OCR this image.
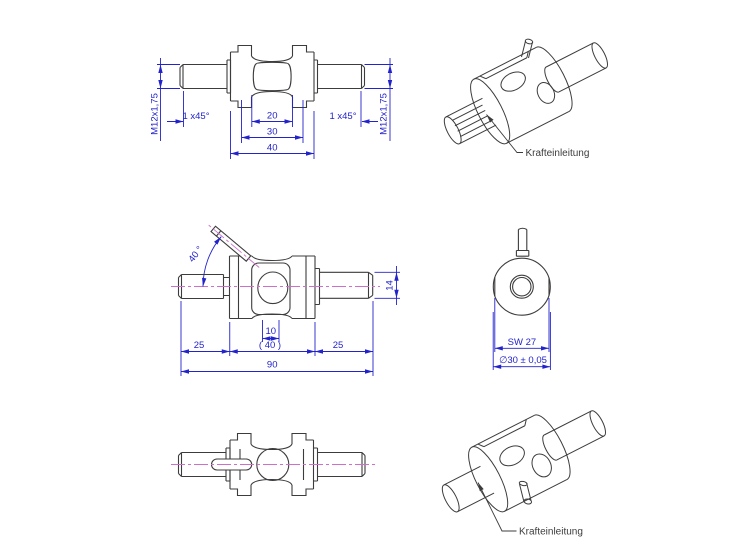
M12x1,75	M12x1,75
1 x45°	1 x45°
20
30
40
40 °
10
25	( 40 )	25
90
14
SW 27
∅30 ± 0,05
Krafteinleitung
Krafteinleitung
